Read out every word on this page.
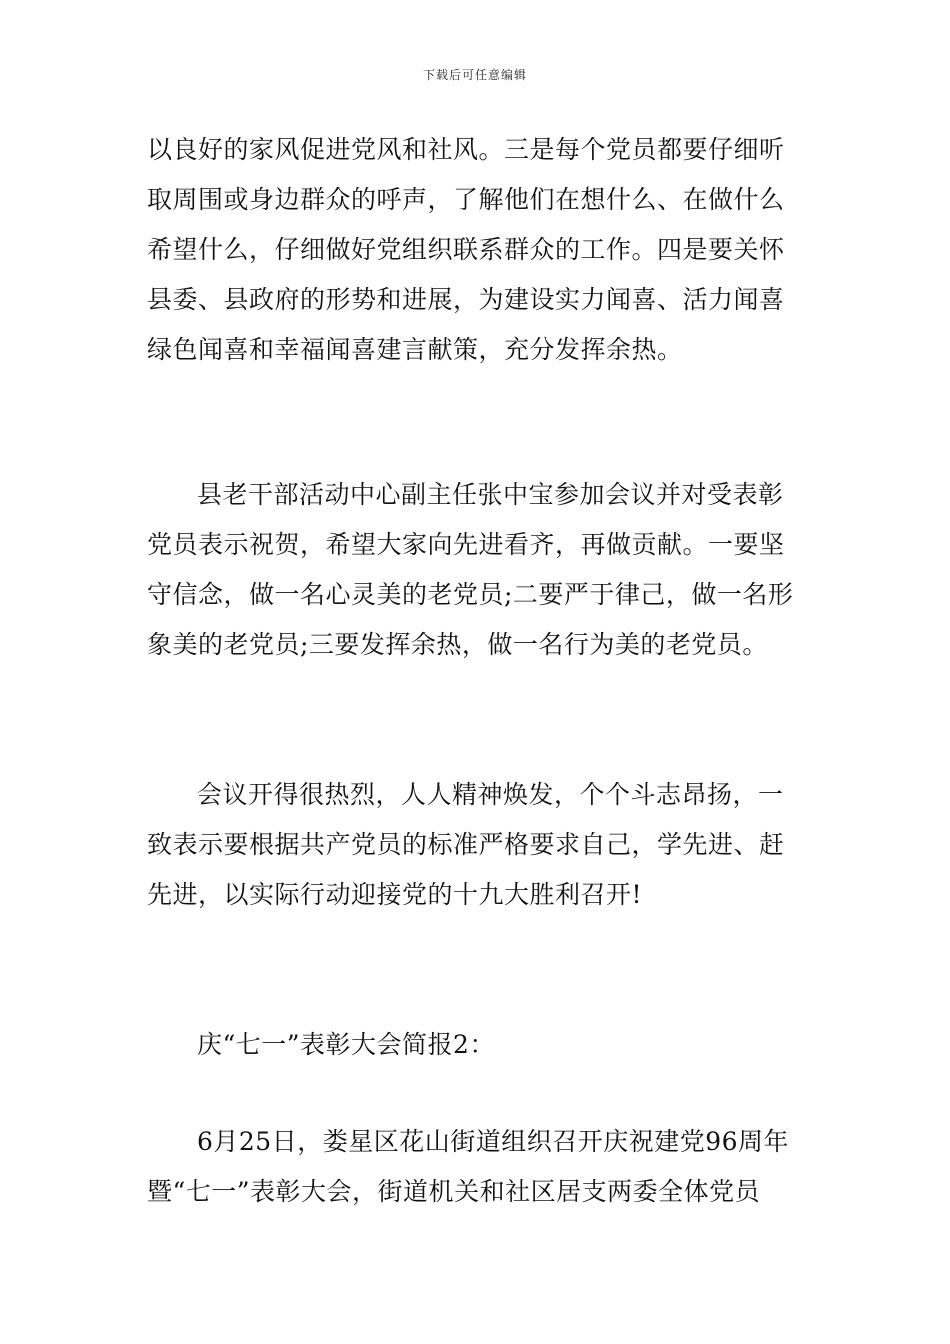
下载后可任意编辑
以良好的家风促进党风和社风。三是每个党员都要仔细听
取周围或身边群众的呼声，了解他们在想什么、在做什么
希望什么，仔细做好党组织联系群众的工作。四是要关怀
县委、县政府的形势和进展，为建设实力闻喜、活力闻喜
绿色闻喜和幸福闻喜建言献策，充分发挥余热。
县老干部活动中心副主任张中宝参加会议并对受表彰
党员表示祝贺，希望大家向先进看齐，再做贡献。一要坚
守信念，做一名心灵美的老党员;二要严于律己，做一名形
象美的老党员;三要发挥余热，做一名行为美的老党员。
会议开得很热烈，人人精神焕发，个个斗志昂扬，一
致表示要根据共产党员的标准严格要求自己，学先进、赶
先进，以实际行动迎接党的十九大胜利召开!
庆“七一”表彰大会简报2：
6月25日，娄星区花山街道组织召开庆祝建党96周年
暨“七一”表彰大会，街道机关和社区居支两委全体党员
